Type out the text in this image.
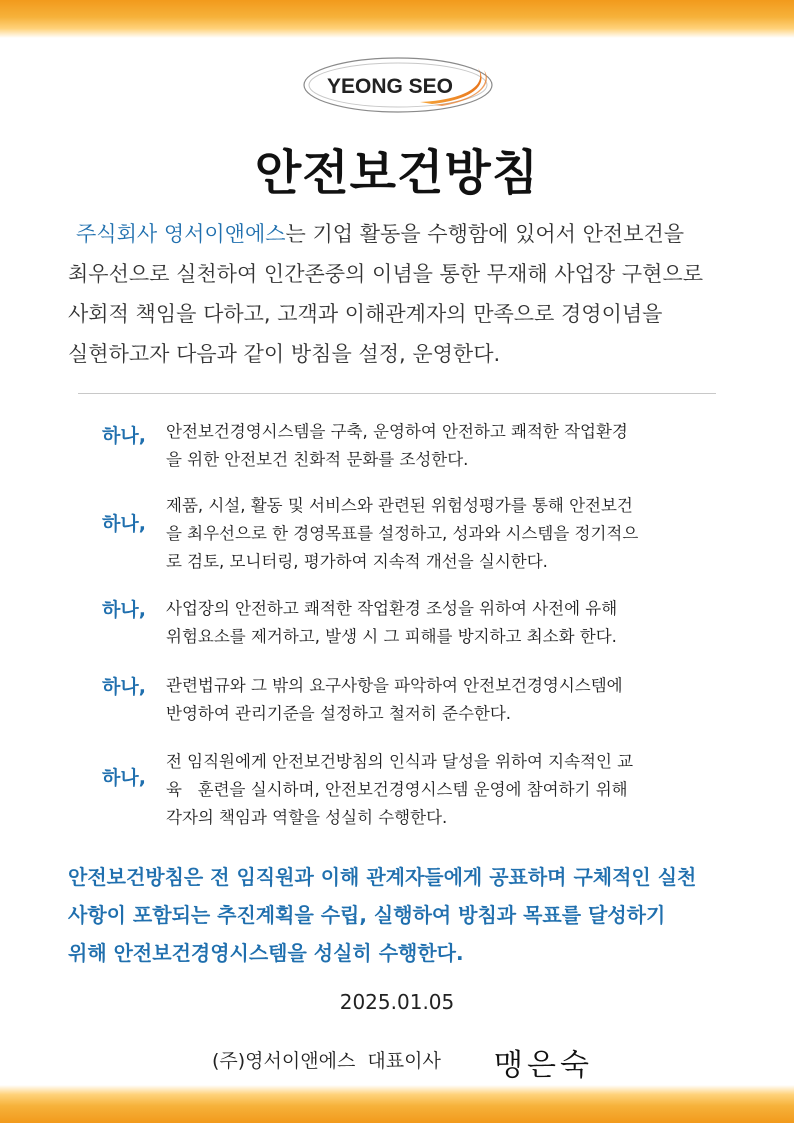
YEONG SEO
안전보건방침
주식회사 영서이앤에스는 기업 활동을 수행함에 있어서 안전보건을
최우선으로 실천하여 인간존중의 이념을 통한 무재해 사업장 구현으로
사회적 책임을 다하고, 고객과 이해관계자의 만족으로 경영이념을
실현하고자 다음과 같이 방침을 설정, 운영한다.
하나,	안전보건경영시스템을 구축, 운영하여 안전하고 쾌적한 작업환경
을 위한 안전보건 친화적 문화를 조성한다.
하나,
제품, 시설, 활동 및 서비스와 관련된 위험성평가를 통해 안전보건
을 최우선으로 한 경영목표를 설정하고, 성과와 시스템을 정기적으
로 검토, 모니터링, 평가하여 지속적 개선을 실시한다.
하나,	사업장의 안전하고 쾌적한 작업환경 조성을 위하여 사전에 유해
위험요소를 제거하고, 발생 시 그 피해를 방지하고 최소화 한다.
하나,	관련법규와 그 밖의 요구사항을 파악하여 안전보건경영시스템에
반영하여 관리기준을 설정하고 철저히 준수한다.
하나,
전 임직원에게 안전보건방침의 인식과 달성을 위하여 지속적인 교
육   훈련을 실시하며, 안전보건경영시스템 운영에 참여하기 위해
각자의 책임과 역할을 성실히 수행한다.
안전보건방침은 전 임직원과 이해 관계자들에게 공표하며 구체적인 실천
사항이 포함되는 추진계획을 수립, 실행하여 방침과 목표를 달성하기
위해 안전보건경영시스템을 성실히 수행한다.
2025.01.05
(주)영서이앤에스  대표이사 맹은숙
